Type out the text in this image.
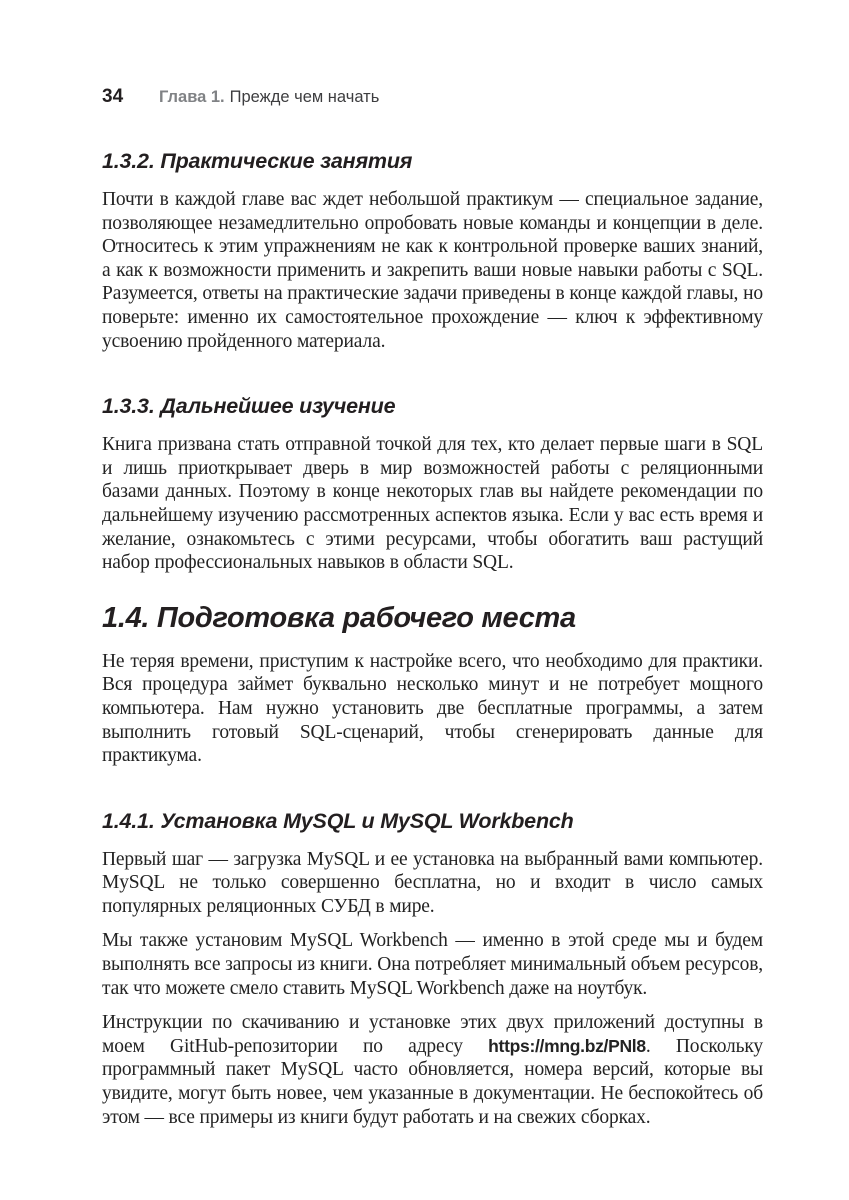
34	Глава 1. Прежде чем начать
1.3.2. Практические занятия

Почти в каждой главе вас ждет небольшой практикум — специальное задание, позволяющее незамедлительно опробовать новые команды и концепции в деле. Относитесь к этим упражнениям не как к контрольной проверке ваших знаний, а как к возможности применить и закрепить ваши новые навыки работы с SQL. Разумеется, ответы на практические задачи приведены в конце каждой главы, но поверьте: именно их самостоятельное прохождение — ключ к эффективному усвоению пройденного материала.

1.3.3. Дальнейшее изучение

Книга призвана стать отправной точкой для тех, кто делает первые шаги в SQL и лишь приоткрывает дверь в мир возможностей работы с реляционными базами данных. Поэтому в конце некоторых глав вы найдете рекомендации по дальнейшему изучению рассмотренных аспектов языка. Если у вас есть время и желание, ознакомьтесь с этими ресурсами, чтобы обогатить ваш растущий набор профессиональных навыков в области SQL.

1.4. Подготовка рабочего места

Не теряя времени, приступим к настройке всего, что необходимо для практики. Вся процедура займет буквально несколько минут и не потребует мощного компьютера. Нам нужно установить две бесплатные программы, а затем выполнить готовый SQL-сценарий, чтобы сгенерировать данные для практикума.

1.4.1. Установка MySQL и MySQL Workbench

Первый шаг — загрузка MySQL и ее установка на выбранный вами компьютер. MySQL не только совершенно бесплатна, но и входит в число самых популярных реляционных СУБД в мире.

Мы также установим MySQL Workbench — именно в этой среде мы и будем выполнять все запросы из книги. Она потребляет минимальный объем ресурсов, так что можете смело ставить MySQL Workbench даже на ноутбук.

Инструкции по скачиванию и установке этих двух приложений доступны в моем GitHub-репозитории по адресу https://mng.bz/PNl8. Поскольку программный пакет MySQL часто обновляется, номера версий, которые вы увидите, могут быть новее, чем указанные в документации. Не беспокойтесь об этом — все примеры из книги будут работать и на свежих сборках.
